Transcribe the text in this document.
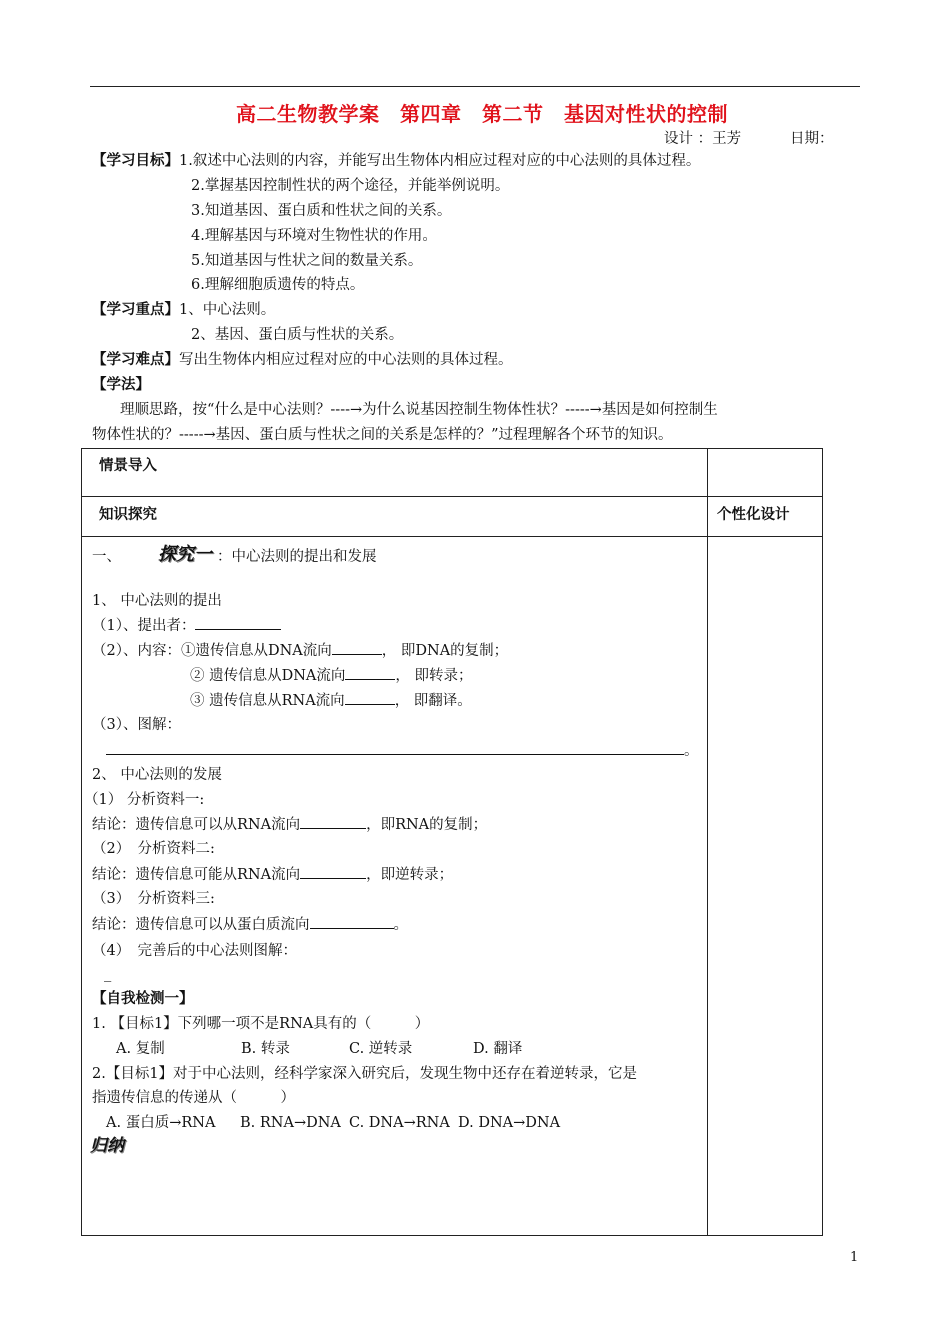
高二生物教学案　第四章　第二节　基因对性状的控制
设计 ：王芳	日期：
【学习目标】1.叙述中心法则的内容，并能写出生物体内相应过程对应的中心法则的具体过程。
2.掌握基因控制性状的两个途径，并能举例说明。
3.知道基因、蛋白质和性状之间的关系。
4.理解基因与环境对生物性状的作用。
5.知道基因与性状之间的数量关系。
6.理解细胞质遗传的特点。
【学习重点】1、中心法则。
2、基因、蛋白质与性状的关系。
【学习难点】写出生物体内相应过程对应的中心法则的具体过程。
【学法】
理顺思路，按“什么是中心法则？----→为什么说基因控制生物体性状？-----→基因是如何控制生
物体性状的？-----→基因、蛋白质与性状之间的关系是怎样的？”过程理解各个环节的知识。
情景导入
知识探究	个性化设计
一、 探究一 ：中心法则的提出和发展
1、 中心法则的提出
（1）、提出者：
（2）、内容：①遗传信息从DNA流向	， 即DNA的复制；
② 遗传信息从DNA流向	， 即转录；
③ 遗传信息从RNA流向	， 即翻译。
（3）、图解：
。
2、 中心法则的发展
（1） 分析资料一:
结论：遗传信息可以从RNA流向	，即RNA的复制；
（2）　分析资料二:
结论：遗传信息可能从RNA流向	，即逆转录；
（3）　分析资料三:
结论：遗传信息可以从蛋白质流向	。
（4）　完善后的中心法则图解：
_
【自我检测一】
1. 【目标1】下列哪一项不是RNA具有的（　　　）
A. 复制	B. 转录	C. 逆转录	D. 翻译
2.【目标1】对于中心法则，经科学家深入研究后，发现生物中还存在着逆转录，它是
指遗传信息的传递从（　　　）
A. 蛋白质→RNA B. RNA→DNA C. DNA→RNA D. DNA→DNA
归纳
1
